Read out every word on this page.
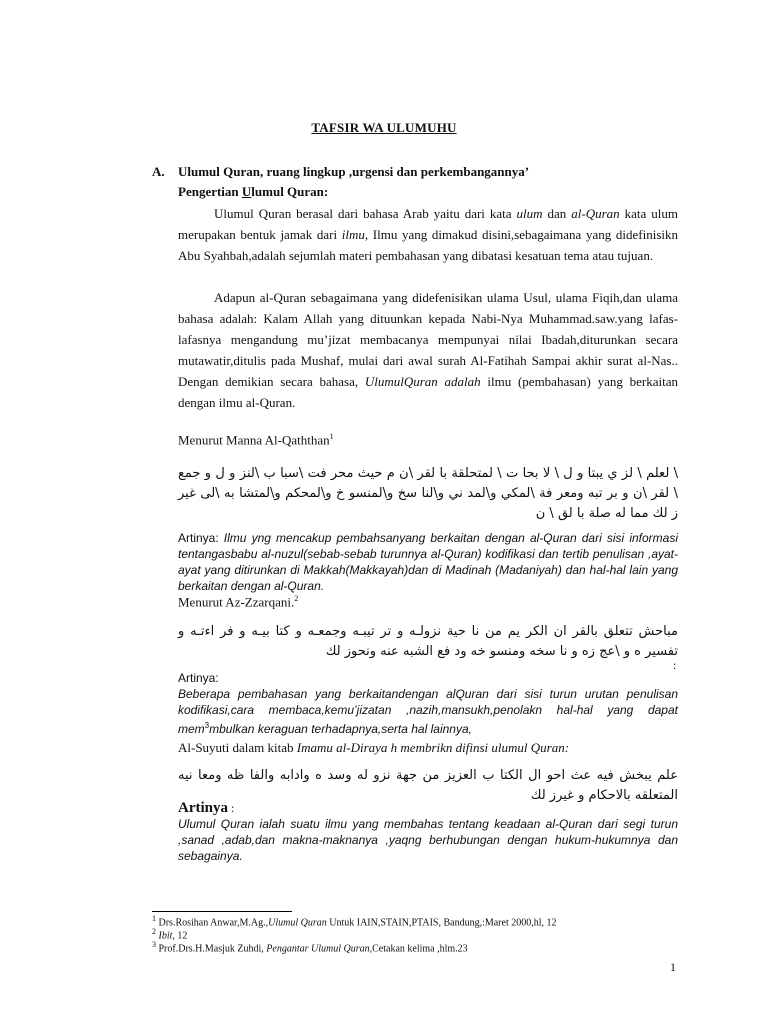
TAFSIR WA ULUMUHU
A. Ulumul Quran, ruang lingkup ,urgensi dan perkembangannya’
Pengertian Ulumul Quran:

Ulumul Quran berasal dari bahasa Arab yaitu dari kata ulum dan al-Quran kata ulum merupakan bentuk jamak dari ilmu, Ilmu yang dimakud disini,sebagaimana yang didefinisikn Abu Syahbah,adalah sejumlah materi pembahasan yang dibatasi kesatuan tema atau tujuan.

Adapun al-Quran sebagaimana yang didefenisikan ulama Usul, ulama Fiqih,dan ulama bahasa adalah: Kalam Allah yang dituunkan kepada Nabi-Nya Muhammad.saw.yang lafas-lafasnya mengandung mu’jizat membacanya mempunyai nilai Ibadah,diturunkan secara mutawatir,ditulis pada Mushaf, mulai dari awal surah Al-Fatihah Sampai akhir surat al-Nas.. Dengan demikian secara bahasa, UlumulQuran adalah ilmu (pembahasan) yang berkaitan dengan ilmu al-Quran.

Menurut Manna Al-Qaththan$^1$
\ لعلم \ لز ي يبتا و ل \ لا بحا ت \ لمتحلقة با لقر \ن م حيث محر فت \سبا ب \لنز و ل و جمع \ لقر \ن و بر تبه ومعر فة \لمكي و\لمد ني و\لنا سخ و\لمنسو خ و\لمحكم و\لمتشا به \لى غير ز لك مما له صلة با لق \ ن
Artinya: Ilmu yng mencakup pembahsanyang berkaitan dengan al-Quran dari sisi informasi tentangasbabu al-nuzul(sebab-sebab turunnya al-Quran) kodifikasi dan tertib penulisan ,ayat-ayat yang ditirunkan di Makkah(Makkayah)dan di Madinah (Madaniyah) dan hal-hal lain yang berkaitan dengan al-Quran.
Menurut Az-Zzarqani.$^2$
مباحش تتعلق بالقر ان الكر يم من نا حية نزولـه و تر تيبـه وجمعـه و كتا بيـه و فر اءتـه و تفسير ه و \عج زه و نا سخه ومنسو خه ود فع الشبه عنه ونحوز لك
:
Artinya:
Beberapa pembahasan yang berkaitandengan alQuran dari sisi turun urutan penulisan kodifikasi,cara membaca,kemu’jizatan ,nazih,mansukh,penolakn hal-hal yang dapat mem$^3$mbulkan keraguan terhadapnya,serta hal lainnya,
Al-Suyuti dalam kitab Imamu al-Diraya h membrikn difinsi ulumul Quran:
علم يبخش فيه عث احو ال الكتا ب العزيز من جهة نزو له وسد ه وادابه والفا ظه ومعا نيه المتعلقه بالاحكام و غيرز لك
Artinya :
Ulumul Quran ialah suatu ilmu yang membahas tentang keadaan al-Quran dari segi turun ,sanad ,adab,dan makna-maknanya ,yaqng berhubungan dengan hukum-hukumnya dan sebagainya.
$^1$ Drs.Rosihan Anwar,M.Ag.,Ulumul Quran Untuk IAIN,STAIN,PTAIS, Bandung,:Maret 2000,hl, 12
$^2$ Ibit, 12
$^3$ Prof.Drs.H.Masjuk Zuhdi, Pengantar Ulumul Quran,Cetakan kelima ,hlm.23
1
